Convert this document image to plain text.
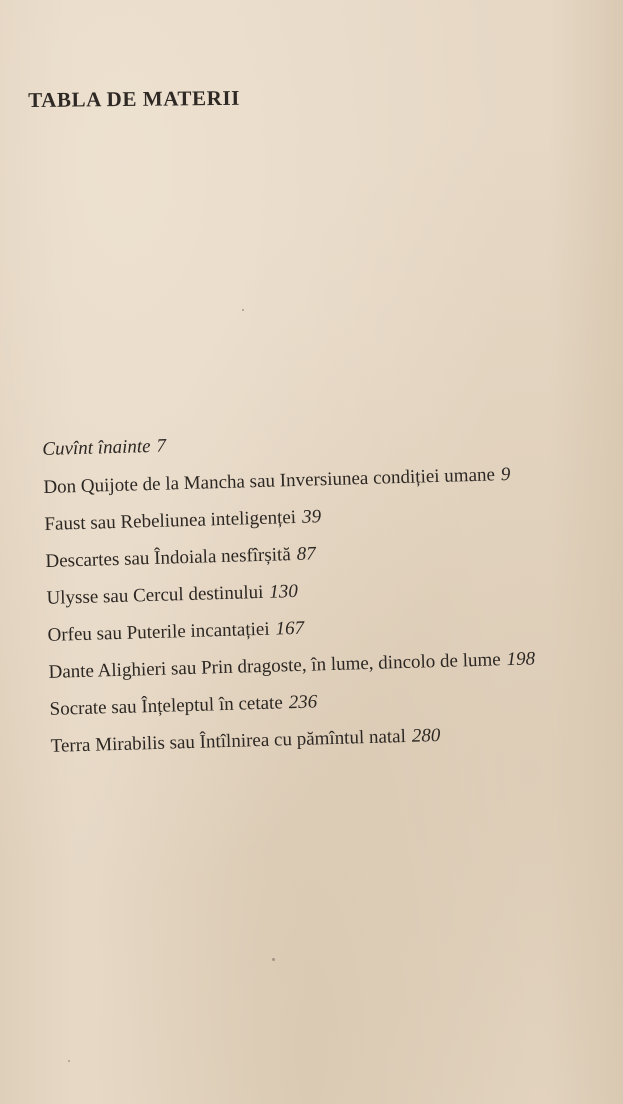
TABLA DE MATERII
Cuvînt înainte 7
Don Quijote de la Mancha sau Inversiunea condiției umane 9
Faust sau Rebeliunea inteligenței 39
Descartes sau Îndoiala nesfîrșită 87
Ulysse sau Cercul destinului 130
Orfeu sau Puterile incantației 167
Dante Alighieri sau Prin dragoste, în lume, dincolo de lume 198
Socrate sau Înțeleptul în cetate 236
Terra Mirabilis sau Întîlnirea cu pămîntul natal 280
